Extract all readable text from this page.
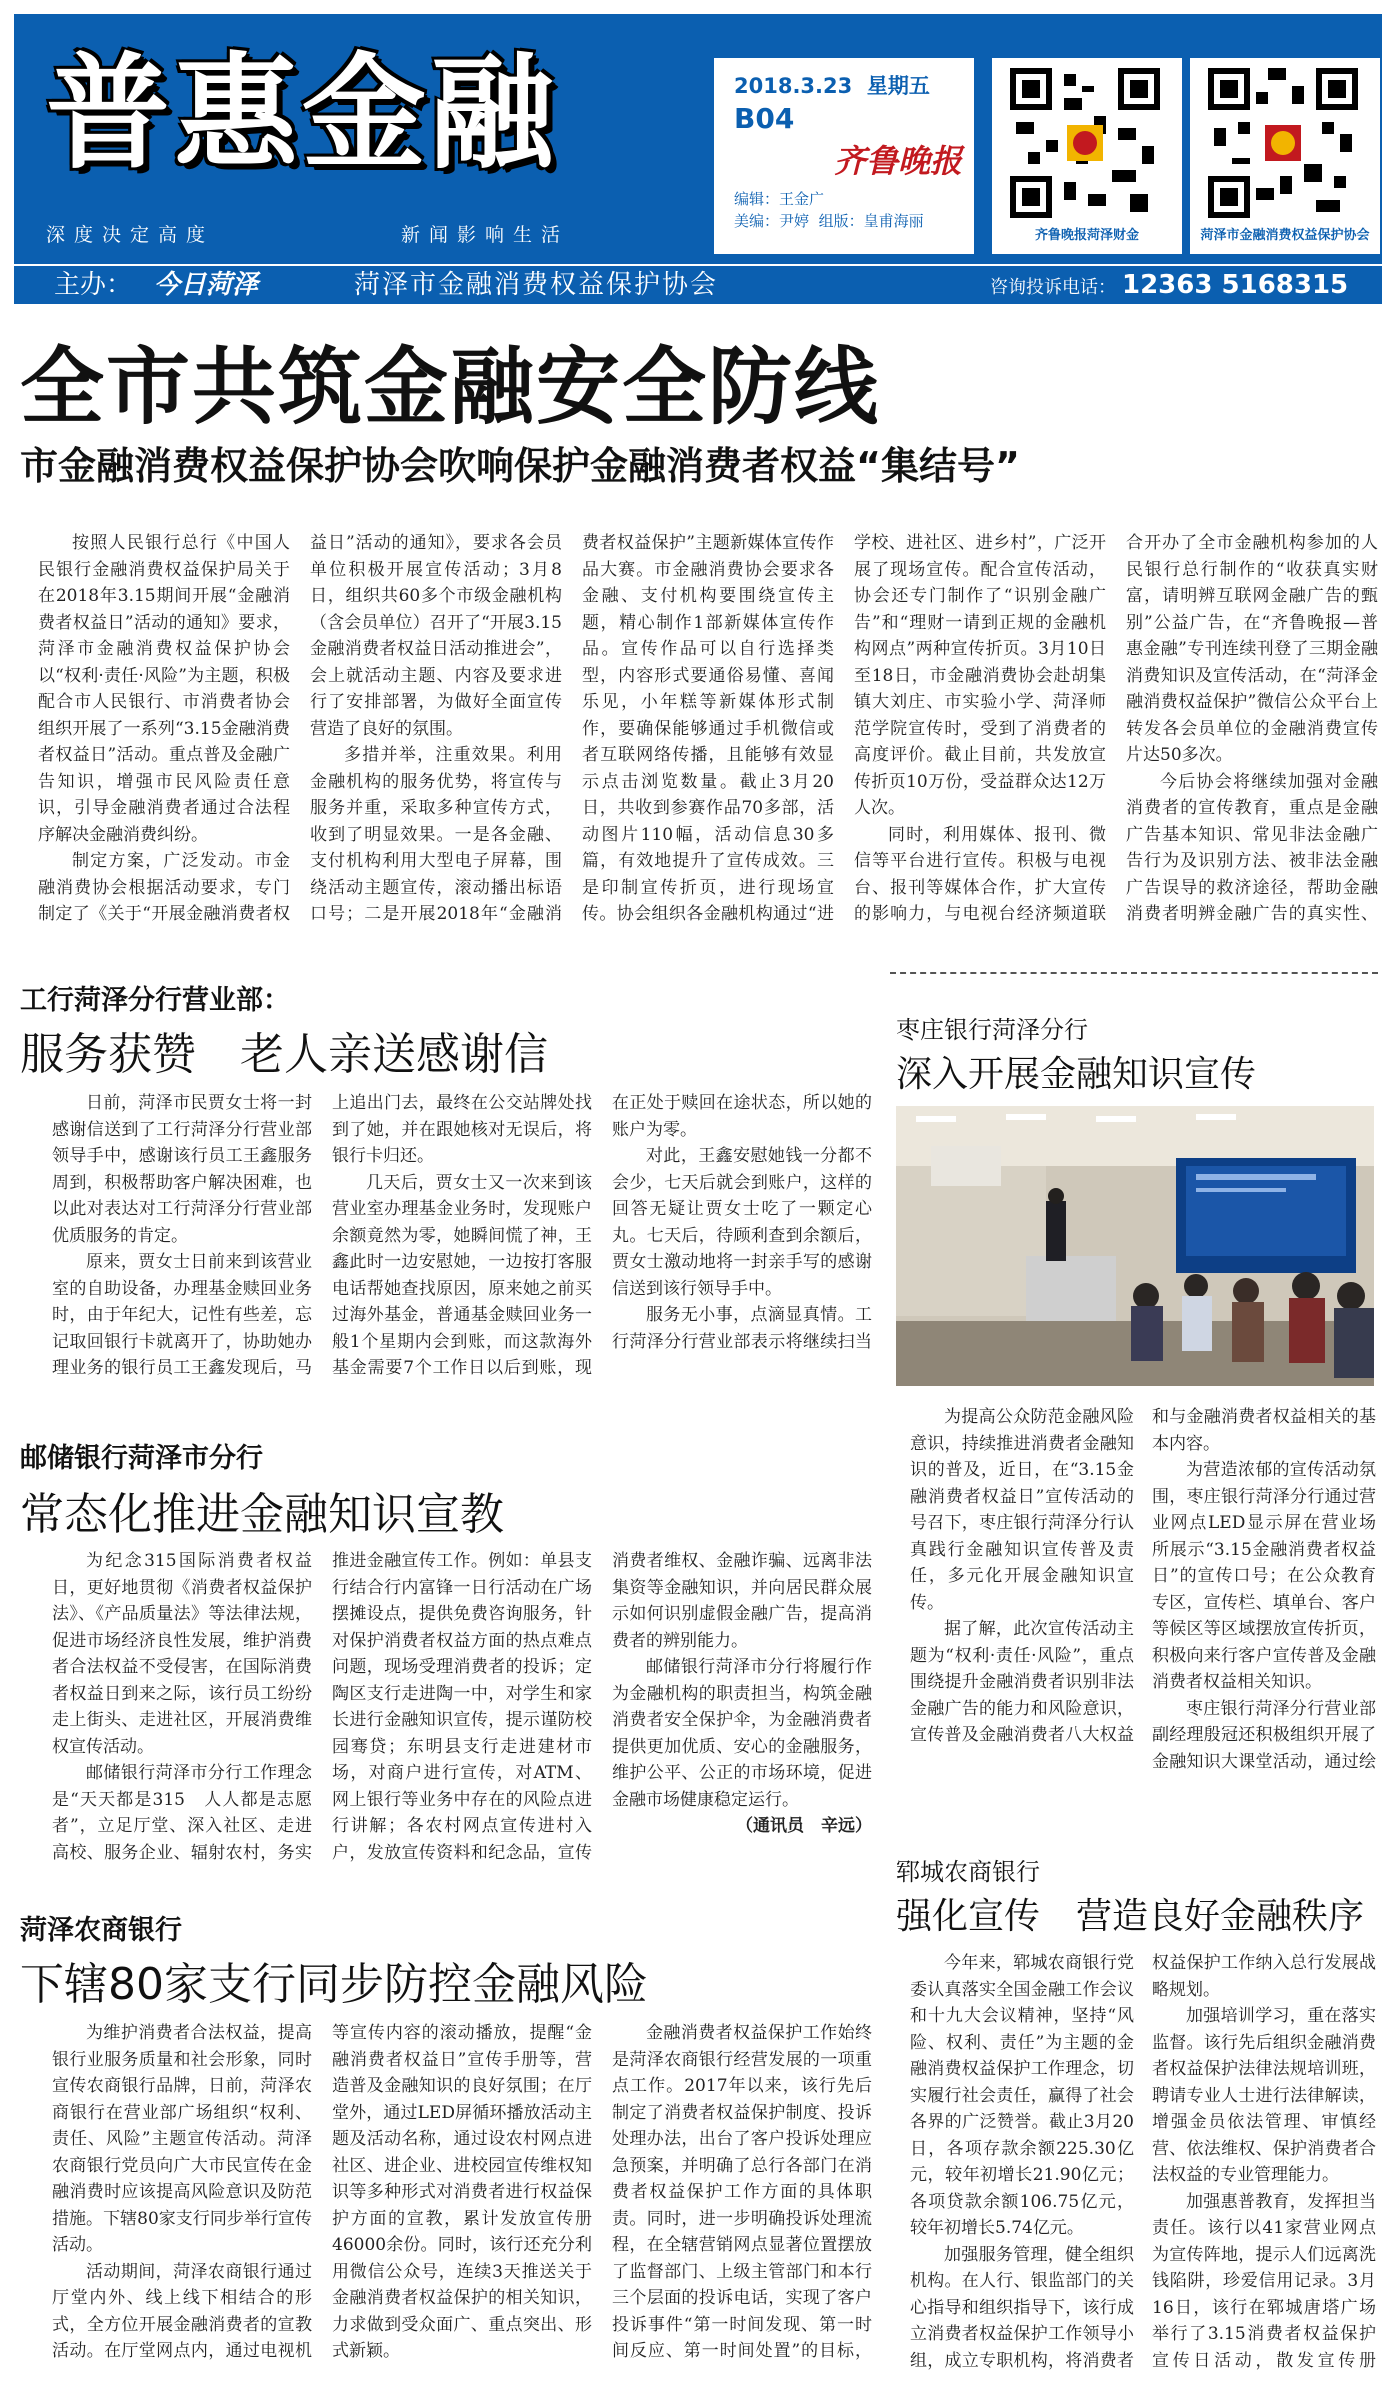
普惠金融
深度决定高度	新闻影响生活
2018.3.23 星期五
B04
齐鲁晚报
编辑：王金广
美编：尹婷 组版：皇甫海丽
齐鲁晚报菏泽财金	菏泽市金融消费权益保护协会
主办： 今日菏泽	菏泽市金融消费权益保护协会	咨询投诉电话： 12363 5168315
全市共筑金融安全防线
市金融消费权益保护协会吹响保护金融消费者权益“集结号”

按照人民银行总行《中国人民银行金融消费权益保护局关于在2018年3.15期间开展“金融消费者权益日”活动的通知》要求，菏泽市金融消费权益保护协会以“权利·责任·风险”为主题，积极配合市人民银行、市消费者协会组织开展了一系列“3.15金融消费者权益日”活动。重点普及金融广告知识，增强市民风险责任意识，引导金融消费者通过合法程序解决金融消费纠纷。

制定方案，广泛发动。市金融消费协会根据活动要求，专门制定了《关于“开展金融消费者权益日”活动的通知》，要求各会员单位积极开展宣传活动；3月8日，组织共60多个市级金融机构（含会员单位）召开了“开展3.15金融消费者权益日活动推进会”，会上就活动主题、内容及要求进行了安排部署，为做好全面宣传营造了良好的氛围。

多措并举，注重效果。利用金融机构的服务优势，将宣传与服务并重，采取多种宣传方式，收到了明显效果。一是各金融、支付机构利用大型电子屏幕，围绕活动主题宣传，滚动播出标语口号；二是开展2018年“金融消费者权益保护”主题新媒体宣传作品大赛。市金融消费协会要求各金融、支付机构要围绕宣传主题，精心制作1部新媒体宣传作品。宣传作品可以自行选择类型，内容形式要通俗易懂、喜闻乐见，小年糕等新媒体形式制作，要确保能够通过手机微信或者互联网络传播，且能够有效显示点击浏览数量。截止3月20日，共收到参赛作品70多部，活动图片110幅，活动信息30多篇，有效地提升了宣传成效。三是印制宣传折页，进行现场宣传。协会组织各金融机构通过“进学校、进社区、进乡村”，广泛开展了现场宣传。配合宣传活动，协会还专门制作了“识别金融广告”和“理财一请到正规的金融机构网点”两种宣传折页。3月10日至18日，市金融消费协会赴胡集镇大刘庄、市实验小学、菏泽师范学院宣传时，受到了消费者的高度评价。截止目前，共发放宣传折页10万份，受益群众达12万人次。

同时，利用媒体、报刊、微信等平台进行宣传。积极与电视台、报刊等媒体合作，扩大宣传的影响力，与电视台经济频道联合开办了全市金融机构参加的人民银行总行制作的“收获真实财富，请明辨互联网金融广告的甄别”公益广告，在“齐鲁晚报—普惠金融”专刊连续刊登了三期金融消费知识及宣传活动，在“菏泽金融消费权益保护”微信公众平台上转发各会员单位的金融消费宣传片达50多次。

今后协会将继续加强对金融消费者的宣传教育，重点是金融广告基本知识、常见非法金融广告行为及识别方法、被非法金融广告误导的救济途径，帮助金融消费者明辨金融广告的真实性、

工行菏泽分行营业部：
服务获赞　老人亲送感谢信

日前，菏泽市民贾女士将一封感谢信送到了工行菏泽分行营业部领导手中，感谢该行员工王鑫服务周到，积极帮助客户解决困难，也以此对表达对工行菏泽分行营业部优质服务的肯定。

原来，贾女士日前来到该营业室的自助设备，办理基金赎回业务时，由于年纪大，记性有些差，忘记取回银行卡就离开了，协助她办理业务的银行员工王鑫发现后，马上追出门去，最终在公交站牌处找到了她，并在跟她核对无误后，将银行卡归还。

几天后，贾女士又一次来到该营业室办理基金业务时，发现账户余额竟然为零，她瞬间慌了神，王鑫此时一边安慰她，一边按打客服电话帮她查找原因，原来她之前买过海外基金，普通基金赎回业务一般1个星期内会到账，而这款海外基金需要7个工作日以后到账，现在正处于赎回在途状态，所以她的账户为零。

对此，王鑫安慰她钱一分都不会少，七天后就会到账户，这样的回答无疑让贾女士吃了一颗定心丸。七天后，待顾利查到余额后，贾女士激动地将一封亲手写的感谢信送到该行领导手中。

服务无小事，点滴显真情。工行菏泽分行营业部表示将继续扫当

枣庄银行菏泽分行
深入开展金融知识宣传

为提高公众防范金融风险意识，持续推进消费者金融知识的普及，近日，在“3.15金融消费者权益日”宣传活动的号召下，枣庄银行菏泽分行认真践行金融知识宣传普及责任，多元化开展金融知识宣传。

据了解，此次宣传活动主题为“权利·责任·风险”，重点围绕提升金融消费者识别非法金融广告的能力和风险意识，宣传普及金融消费者八大权益和与金融消费者权益相关的基本内容。

为营造浓郁的宣传活动氛围，枣庄银行菏泽分行通过营业网点LED显示屏在营业场所展示“3.15金融消费者权益日”的宣传口号；在公众教育专区，宣传栏、填单台、客户等候区等区域摆放宣传折页，积极向来行客户宣传普及金融消费者权益相关知识。

枣庄银行菏泽分行营业部副经理殷冠还积极组织开展了金融知识大课堂活动，通过绘

邮储银行菏泽市分行
常态化推进金融知识宣教

为纪念315国际消费者权益日，更好地贯彻《消费者权益保护法》、《产品质量法》等法律法规，促进市场经济良性发展，维护消费者合法权益不受侵害，在国际消费者权益日到来之际，该行员工纷纷走上街头、走进社区，开展消费维权宣传活动。

邮储银行菏泽市分行工作理念是“天天都是315　人人都是志愿者”，立足厅堂、深入社区、走进高校、服务企业、辐射农村，务实推进金融宣传工作。例如：单县支行结合行内富锋一日行活动在广场摆摊设点，提供免费咨询服务，针对保护消费者权益方面的热点难点问题，现场受理消费者的投诉；定陶区支行走进陶一中，对学生和家长进行金融知识宣传，提示谨防校园骞贷；东明县支行走进建材市场，对商户进行宣传，对ATM、网上银行等业务中存在的风险点进行讲解；各农村网点宣传进村入户，发放宣传资料和纪念品，宣传消费者维权、金融诈骗、远离非法集资等金融知识，并向居民群众展示如何识别虚假金融广告，提高消费者的辨别能力。

邮储银行菏泽市分行将履行作为金融机构的职责担当，构筑金融消费者安全保护伞，为金融消费者提供更加优质、安心的金融服务，维护公平、公正的市场环境，促进金融市场健康稳定运行。

（通讯员　辛远）

郓城农商银行
强化宣传　营造良好金融秩序

今年来，郓城农商银行党委认真落实全国金融工作会议和十九大会议精神，坚持“风险、权利、责任”为主题的金融消费权益保护工作理念，切实履行社会责任，赢得了社会各界的广泛赞誉。截止3月20日，各项存款余额225.30亿元，较年初增长21.90亿元；各项贷款余额106.75亿元，较年初增长5.74亿元。

加强服务管理，健全组织机构。在人行、银监部门的关心指导和组织指导下，该行成立消费者权益保护工作领导小组，成立专职机构，将消费者权益保护工作纳入总行发展战略规划。

加强培训学习，重在落实监督。该行先后组织金融消费者权益保护法律法规培训班，聘请专业人士进行法律解读，增强金员依法管理、审慎经营、依法维权、保护消费者合法权益的专业管理能力。

加强惠普教育，发挥担当责任。该行以41家营业网点为宣传阵地，提示人们远离洗钱陷阱，珍爱信用记录。3月16日，该行在郓城唐塔广场举行了3.15消费者权益保护宣传日活动，散发宣传册

菏泽农商银行
下辖80家支行同步防控金融风险

为维护消费者合法权益，提高银行业服务质量和社会形象，同时宣传农商银行品牌，日前，菏泽农商银行在营业部广场组织“权利、责任、风险”主题宣传活动。菏泽农商银行党员向广大市民宣传在金融消费时应该提高风险意识及防范措施。下辖80家支行同步举行宣传活动。

活动期间，菏泽农商银行通过厅堂内外、线上线下相结合的形式，全方位开展金融消费者的宣教活动。在厅堂网点内，通过电视机等宣传内容的滚动播放，提醒“金融消费者权益日”宣传手册等，营造普及金融知识的良好氛围；在厅堂外，通过LED屏循环播放活动主题及活动名称，通过设农村网点进社区、进企业、进校园宣传维权知识等多种形式对消费者进行权益保护方面的宣教，累计发放宣传册46000余份。同时，该行还充分利用微信公众号，连续3天推送关于金融消费者权益保护的相关知识，力求做到受众面广、重点突出、形式新颖。

金融消费者权益保护工作始终是菏泽农商银行经营发展的一项重点工作。2017年以来，该行先后制定了消费者权益保护制度、投诉处理办法，出台了客户投诉处理应急预案，并明确了总行各部门在消费者权益保护工作方面的具体职责。同时，进一步明确投诉处理流程，在全辖营销网点显著位置摆放了监督部门、上级主管部门和本行三个层面的投诉电话，实现了客户投诉事件“第一时间发现、第一时间反应、第一时间处置”的目标，
